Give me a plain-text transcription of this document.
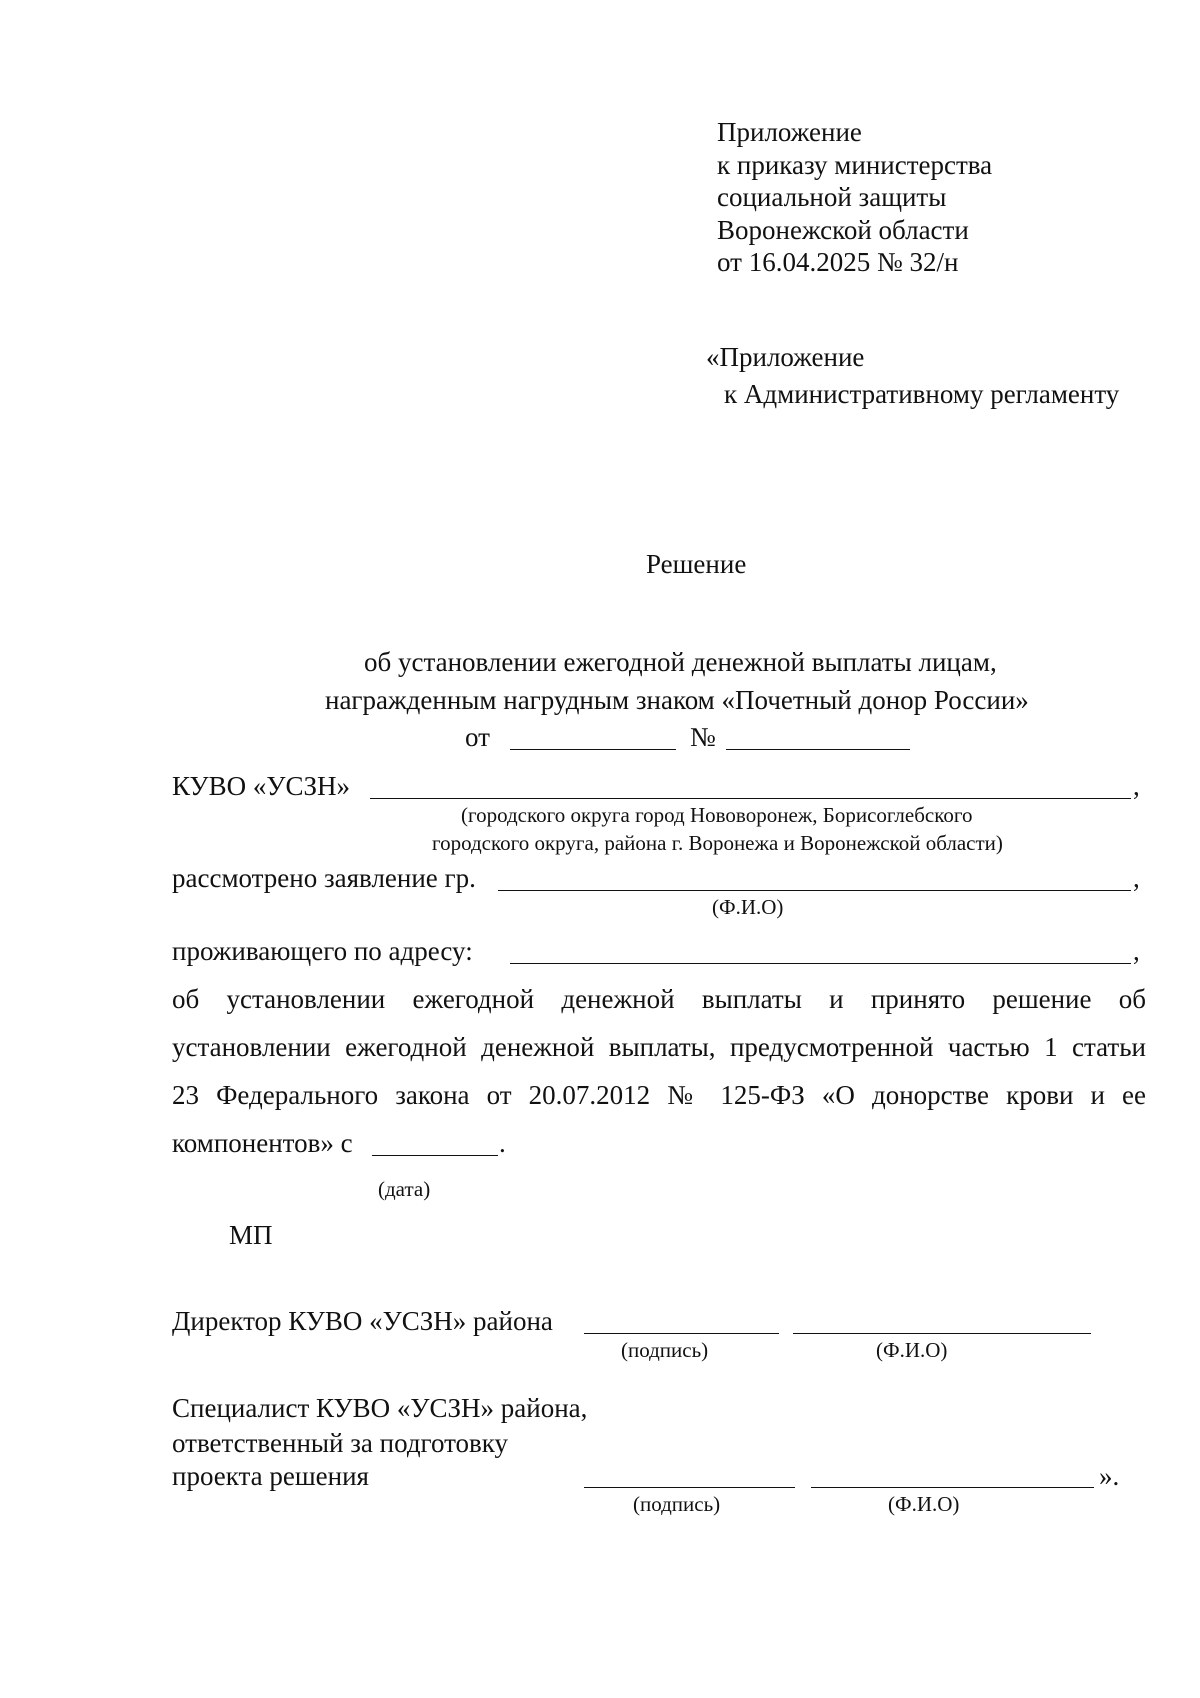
Приложение
к приказу министерства
социальной защиты
Воронежской области
от 16.04.2025 № 32/н
«Приложение
к Административному регламенту
Решение
об установлении ежегодной денежной выплаты лицам,
награжденным нагрудным знаком «Почетный донор России»
от	№
КУВО «УСЗН»	,
(городского округа город Нововоронеж, Борисоглебского
городского округа, района г. Воронежа и Воронежской области)
рассмотрено заявление гр.	,
(Ф.И.О)
проживающего по адресу:	,
об установлении ежегодной денежной выплаты и принято решение об
установлении ежегодной денежной выплаты, предусмотренной частью 1 статьи
23 Федерального закона от 20.07.2012 № 125-ФЗ «О донорстве крови и ее
компонентов» с	.
(дата)
МП
Директор КУВО «УСЗН» района
(подпись)	(Ф.И.О)
Специалист КУВО «УСЗН» района,
ответственный за подготовку
проекта решения	».
(подпись)	(Ф.И.О)
